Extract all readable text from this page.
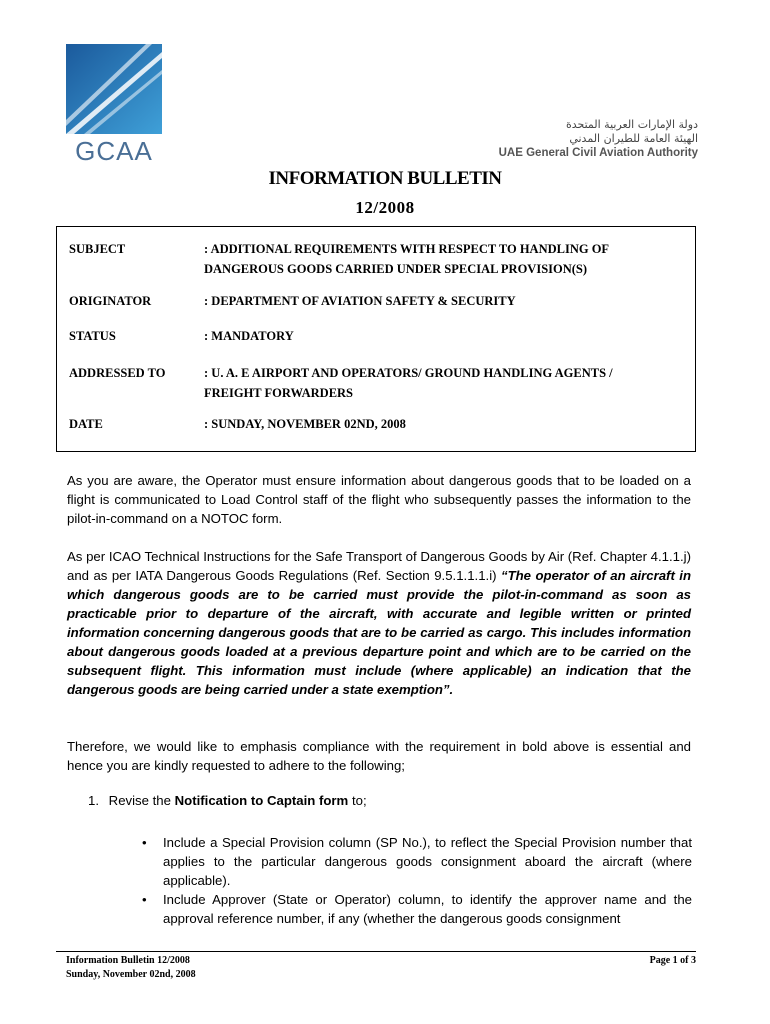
GCAA
دولة الإمارات العربية المتحدة
الهيئة العامة للطيران المدني
UAE General Civil Aviation Authority
INFORMATION BULLETIN
12/2008
SUBJECT	: ADDITIONAL REQUIREMENTS WITH RESPECT TO HANDLING OF DANGEROUS GOODS CARRIED UNDER SPECIAL PROVISION(S)
ORIGINATOR	: DEPARTMENT OF AVIATION SAFETY & SECURITY
STATUS	: MANDATORY
ADDRESSED TO	: U. A. E AIRPORT AND OPERATORS/ GROUND HANDLING AGENTS / FREIGHT FORWARDERS
DATE	: SUNDAY, NOVEMBER 02ND, 2008
As you are aware, the Operator must ensure information about dangerous goods that to be loaded on a flight is communicated to Load Control staff of the flight who subsequently passes the information to the pilot-in-command on a NOTOC form.
As per ICAO Technical Instructions for the Safe Transport of Dangerous Goods by Air (Ref. Chapter 4.1.1.j) and as per IATA Dangerous Goods Regulations (Ref. Section 9.5.1.1.1.i) “The operator of an aircraft in which dangerous goods are to be carried must provide the pilot-in-command as soon as practicable prior to departure of the aircraft, with accurate and legible written or printed information concerning dangerous goods that are to be carried as cargo. This includes information about dangerous goods loaded at a previous departure point and which are to be carried on the subsequent flight. This information must include (where applicable) an indication that the dangerous goods are being carried under a state exemption”.
Therefore, we would like to emphasis compliance with the requirement in bold above is essential and hence you are kindly requested to adhere to the following;
1. Revise the Notification to Captain form to;
• Include a Special Provision column (SP No.), to reflect the Special Provision number that applies to the particular dangerous goods consignment aboard the aircraft (where applicable).
• Include Approver (State or Operator) column, to identify the approver name and the approval reference number, if any (whether the dangerous goods consignment
Information Bulletin 12/2008
Sunday, November 02nd, 2008
Page 1 of 3
